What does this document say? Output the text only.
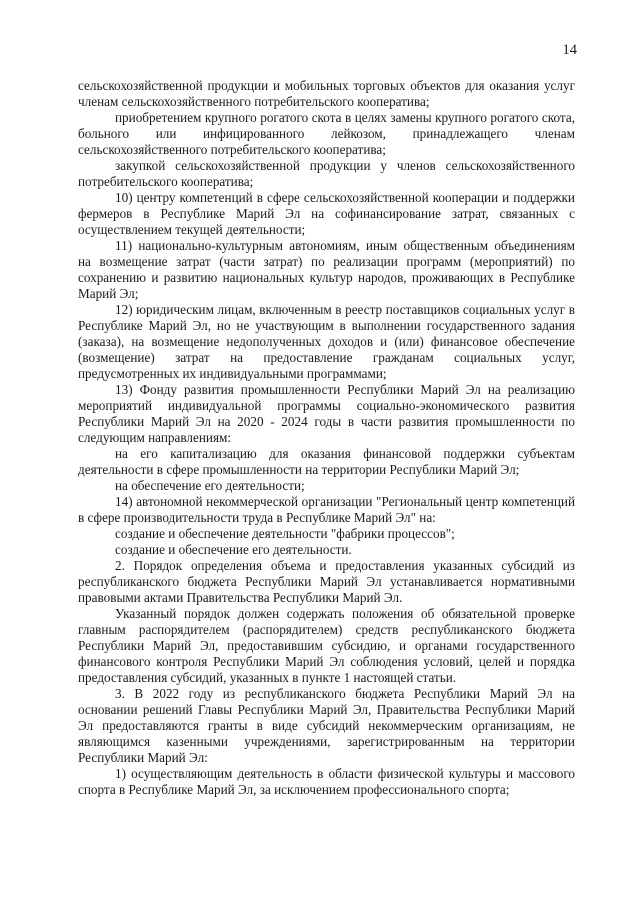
14

сельскохозяйственной продукции и мобильных торговых объектов для оказания услуг членам сельскохозяйственного потребительского кооператива;

приобретением крупного рогатого скота в целях замены крупного рогатого скота, больного или инфицированного лейкозом, принадлежащего членам сельскохозяйственного потребительского кооператива;

закупкой сельскохозяйственной продукции у членов сельскохозяйственного потребительского кооператива;

10) центру компетенций в сфере сельскохозяйственной кооперации и поддержки фермеров в Республике Марий Эл на софинансирование затрат, связанных с осуществлением текущей деятельности;

11) национально-культурным автономиям, иным общественным объединениям на возмещение затрат (части затрат) по реализации программ (мероприятий) по сохранению и развитию национальных культур народов, проживающих в Республике Марий Эл;

12) юридическим лицам, включенным в реестр поставщиков социальных услуг в Республике Марий Эл, но не участвующим в выполнении государственного задания (заказа), на возмещение недополученных доходов и (или) финансовое обеспечение (возмещение) затрат на предоставление гражданам социальных услуг, предусмотренных их индивидуальными программами;

13) Фонду развития промышленности Республики Марий Эл на реализацию мероприятий индивидуальной программы социально-экономического развития Республики Марий Эл на 2020 - 2024 годы в части развития промышленности по следующим направлениям:

на его капитализацию для оказания финансовой поддержки субъектам деятельности в сфере промышленности на территории Республики Марий Эл;

на обеспечение его деятельности;

14) автономной некоммерческой организации "Региональный центр компетенций в сфере производительности труда в Республике Марий Эл" на:

создание и обеспечение деятельности "фабрики процессов";

создание и обеспечение его деятельности.

2. Порядок определения объема и предоставления указанных субсидий из республиканского бюджета Республики Марий Эл устанавливается нормативными правовыми актами Правительства Республики Марий Эл.

Указанный порядок должен содержать положения об обязательной проверке главным распорядителем (распорядителем) средств республиканского бюджета Республики Марий Эл, предоставившим субсидию, и органами государственного финансового контроля Республики Марий Эл соблюдения условий, целей и порядка предоставления субсидий, указанных в пункте 1 настоящей статьи.

3. В 2022 году из республиканского бюджета Республики Марий Эл на основании решений Главы Республики Марий Эл, Правительства Республики Марий Эл предоставляются гранты в виде субсидий некоммерческим организациям, не являющимся казенными учреждениями, зарегистрированным на территории Республики Марий Эл:

1) осуществляющим деятельность в области физической культуры и массового спорта в Республике Марий Эл, за исключением профессионального спорта;
